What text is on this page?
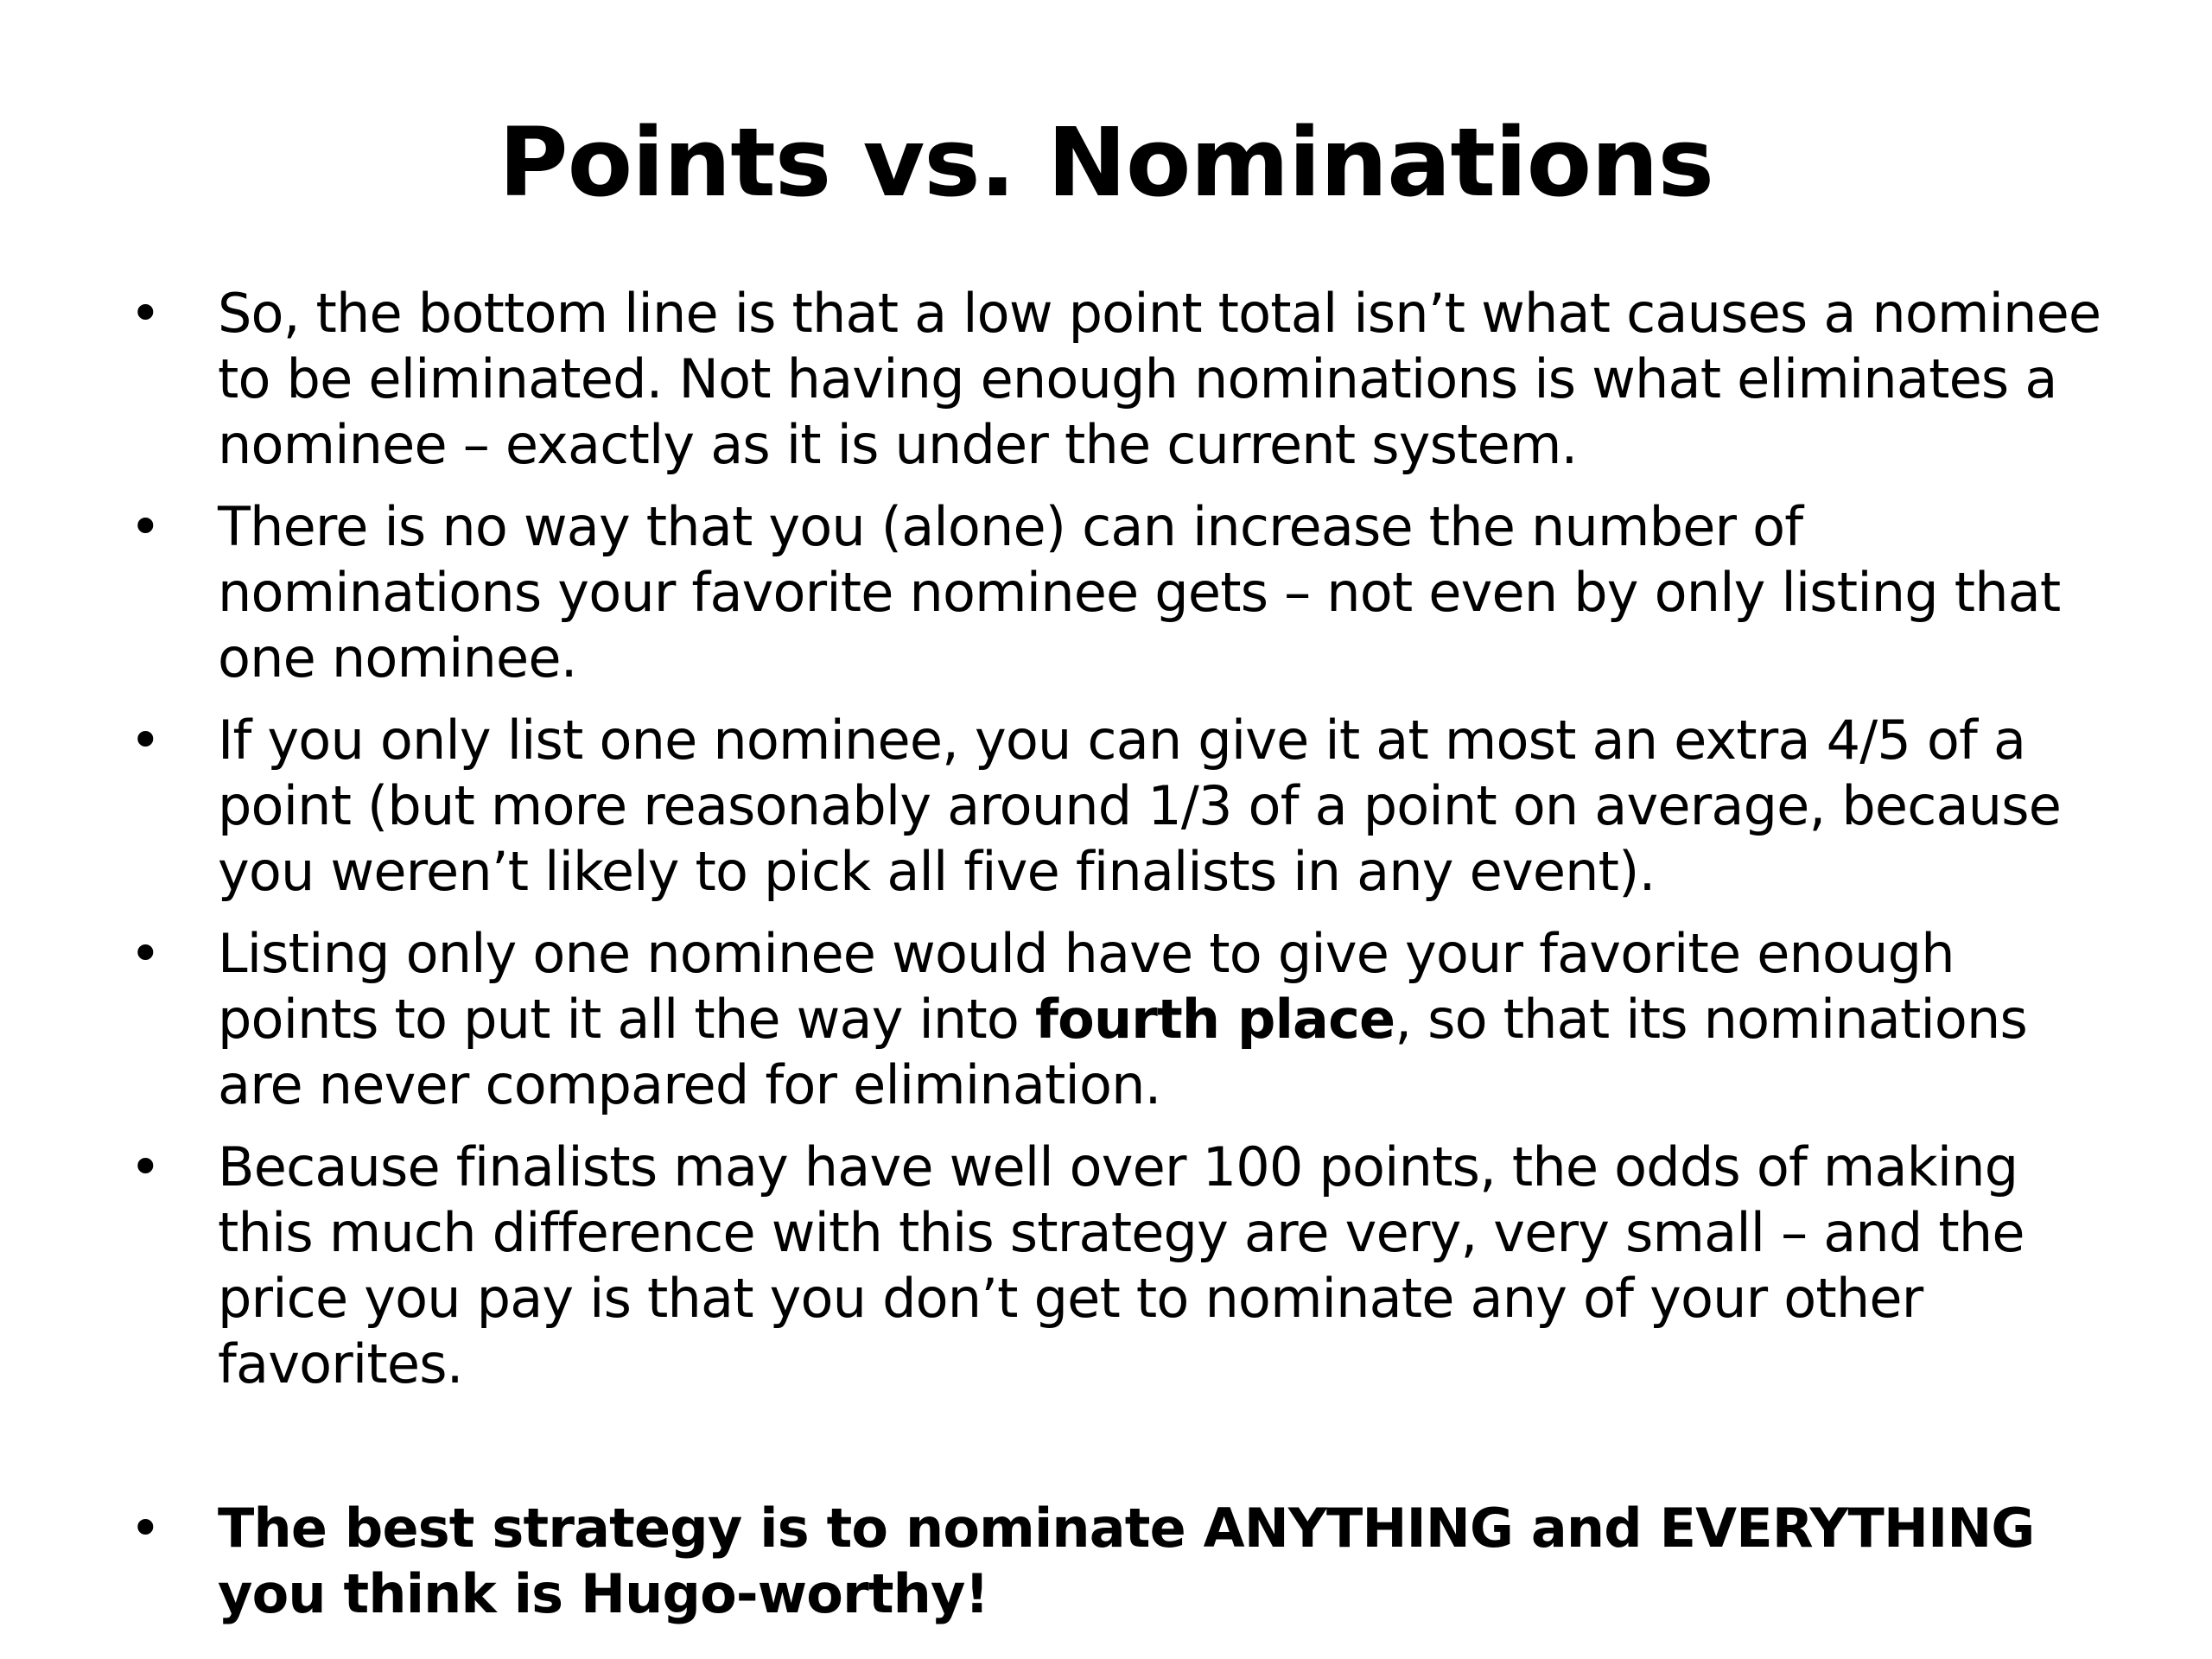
Points vs. Nominations
• So, the bottom line is that a low point total isn’t what causes a nominee to be eliminated. Not having enough nominations is what eliminates a nominee – exactly as it is under the current system.
• There is no way that you (alone) can increase the number of nominations your favorite nominee gets – not even by only listing that one nominee.
• If you only list one nominee, you can give it at most an extra 4/5 of a point (but more reasonably around 1/3 of a point on average, because you weren’t likely to pick all five finalists in any event).
• Listing only one nominee would have to give your favorite enough points to put it all the way into fourth place, so that its nominations are never compared for elimination.
• Because finalists may have well over 100 points, the odds of making this much difference with this strategy are very, very small – and the price you pay is that you don’t get to nominate any of your other favorites.
• The best strategy is to nominate ANYTHING and EVERYTHING you think is Hugo-worthy!
